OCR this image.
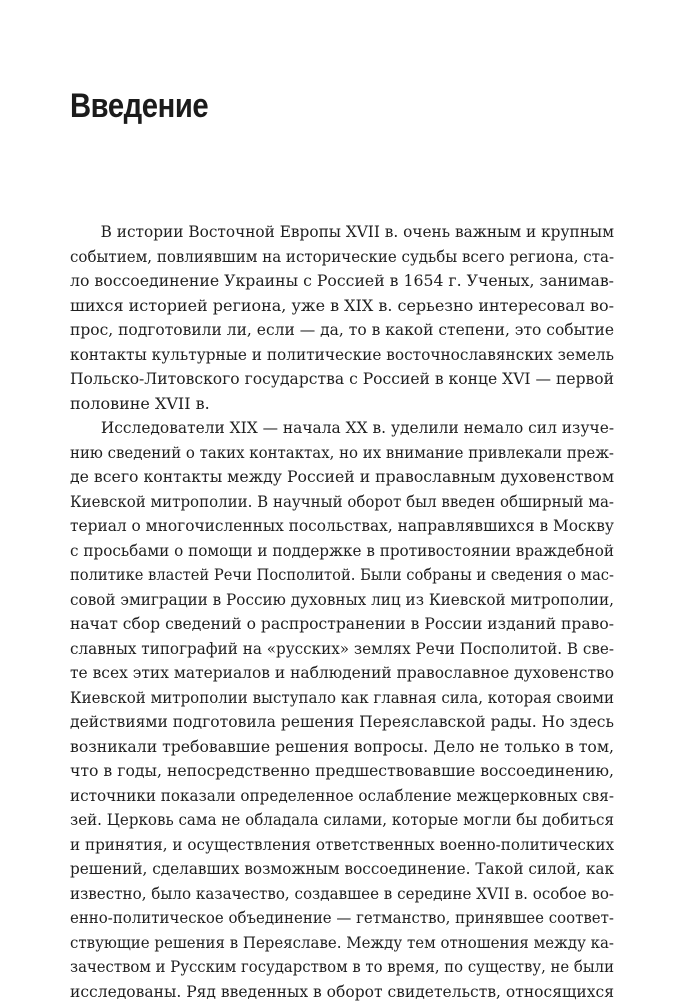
Введение

В истории Восточной Европы XVII в. очень важным и крупным
событием, повлиявшим на исторические судьбы всего региона, ста-
ло воссоединение Украины с Россией в 1654 г. Ученых, занимав-
шихся историей региона, уже в XIX в. серьезно интересовал во-
прос, подготовили ли, если — да, то в какой степени, это событие
контакты культурные и политические восточнославянских земель
Польско-Литовского государства с Россией в конце XVI — первой
половине XVII в.

Исследователи XIX — начала XX в. уделили немало сил изуче-
нию сведений о таких контактах, но их внимание привлекали преж-
де всего контакты между Россией и православным духовенством
Киевской митрополии. В научный оборот был введен обширный ма-
териал о многочисленных посольствах, направлявшихся в Москву
с просьбами о помощи и поддержке в противостоянии враждебной
политике властей Речи Посполитой. Были собраны и сведения о мас-
совой эмиграции в Россию духовных лиц из Киевской митрополии,
начат сбор сведений о распространении в России изданий право-
славных типографий на «русских» землях Речи Посполитой. В све-
те всех этих материалов и наблюдений православное духовенство
Киевской митрополии выступало как главная сила, которая своими
действиями подготовила решения Переяславской рады. Но здесь
возникали требовавшие решения вопросы. Дело не только в том,
что в годы, непосредственно предшествовавшие воссоединению,
источники показали определенное ослабление межцерковных свя-
зей. Церковь сама не обладала силами, которые могли бы добиться
и принятия, и осуществления ответственных военно-политических
решений, сделавших возможным воссоединение. Такой силой, как
известно, было казачество, создавшее в середине XVII в. особое во-
енно-политическое объединение — гетманство, принявшее соответ-
ствующие решения в Переяславе. Между тем отношения между ка-
зачеством и Русским государством в то время, по существу, не были
исследованы. Ряд введенных в оборот свидетельств, относящихся
